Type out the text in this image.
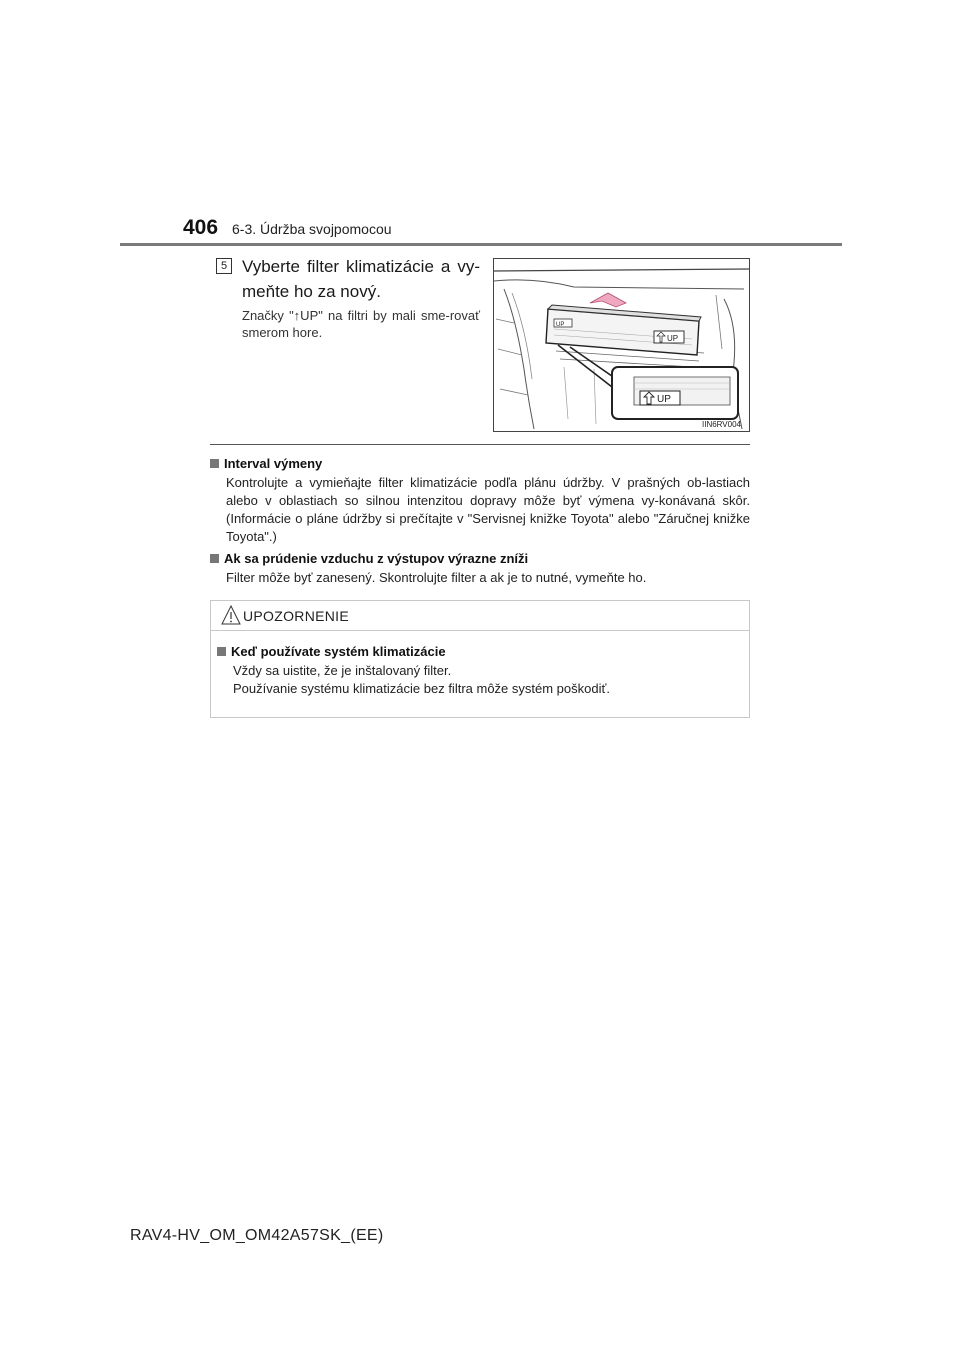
406 6-3. Údržba svojpomocou
5 Vyberte filter klimatizácie a vy-meňte ho za nový.
Značky "↑UP" na filtri by mali sme-rovať smerom hore.	UP
UP
UP
IIN6RV004
Interval výmeny
Kontrolujte a vymieňajte filter klimatizácie podľa plánu údržby. V prašných ob-lastiach alebo v oblastiach so silnou intenzitou dopravy môže byť výmena vy-konávaná skôr. (Informácie o pláne údržby si prečítajte v "Servisnej knižke Toyota" alebo "Záručnej knižke Toyota".)
Ak sa prúdenie vzduchu z výstupov výrazne zníži
Filter môže byť zanesený. Skontrolujte filter a ak je to nutné, vymeňte ho.
UPOZORNENIE
Keď používate systém klimatizácie
Vždy sa uistite, že je inštalovaný filter.
Používanie systému klimatizácie bez filtra môže systém poškodiť.
RAV4-HV_OM_OM42A57SK_(EE)
